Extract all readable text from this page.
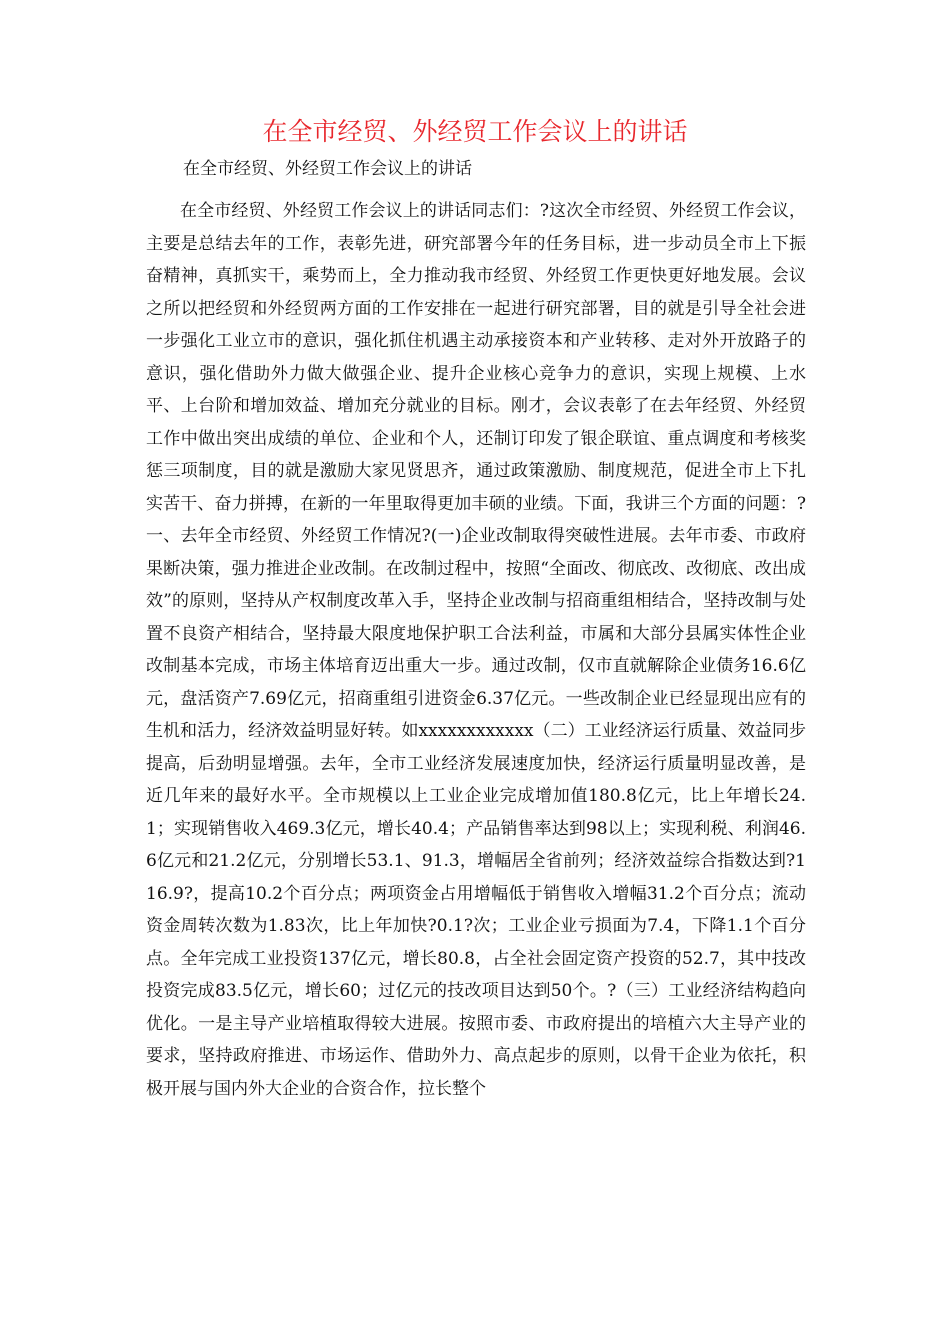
在全市经贸、外经贸工作会议上的讲话

在全市经贸、外经贸工作会议上的讲话

在全市经贸、外经贸工作会议上的讲话同志们：?这次全市经贸、外经贸工作会议，主要是总结去年的工作，表彰先进，研究部署今年的任务目标，进一步动员全市上下振奋精神，真抓实干，乘势而上，全力推动我市经贸、外经贸工作更快更好地发展。会议之所以把经贸和外经贸两方面的工作安排在一起进行研究部署，目的就是引导全社会进一步强化工业立市的意识，强化抓住机遇主动承接资本和产业转移、走对外开放路子的意识，强化借助外力做大做强企业、提升企业核心竞争力的意识，实现上规模、上水平、上台阶和增加效益、增加充分就业的目标。刚才，会议表彰了在去年经贸、外经贸工作中做出突出成绩的单位、企业和个人，还制订印发了银企联谊、重点调度和考核奖惩三项制度，目的就是激励大家见贤思齐，通过政策激励、制度规范，促进全市上下扎实苦干、奋力拼搏，在新的一年里取得更加丰硕的业绩。下面，我讲三个方面的问题：?一、去年全市经贸、外经贸工作情况?(一)企业改制取得突破性进展。去年市委、市政府果断决策，强力推进企业改制。在改制过程中，按照“全面改、彻底改、改彻底、改出成效”的原则，坚持从产权制度改革入手，坚持企业改制与招商重组相结合，坚持改制与处置不良资产相结合，坚持最大限度地保护职工合法利益，市属和大部分县属实体性企业改制基本完成，市场主体培育迈出重大一步。通过改制，仅市直就解除企业债务16.6亿元，盘活资产7.69亿元，招商重组引进资金6.37亿元。一些改制企业已经显现出应有的生机和活力，经济效益明显好转。如xxxxxxxxxxxx（二）工业经济运行质量、效益同步提高，后劲明显增强。去年，全市工业经济发展速度加快，经济运行质量明显改善，是近几年来的最好水平。全市规模以上工业企业完成增加值180.8亿元，比上年增长24.1；实现销售收入469.3亿元，增长40.4；产品销售率达到98以上；实现利税、利润46.6亿元和21.2亿元，分别增长53.1、91.3，增幅居全省前列；经济效益综合指数达到?116.9?，提高10.2个百分点；两项资金占用增幅低于销售收入增幅31.2个百分点；流动资金周转次数为1.83次，比上年加快?0.1?次；工业企业亏损面为7.4，下降1.1个百分点。全年完成工业投资137亿元，增长80.8，占全社会固定资产投资的52.7，其中技改投资完成83.5亿元，增长60；过亿元的技改项目达到50个。?（三）工业经济结构趋向优化。一是主导产业培植取得较大进展。按照市委、市政府提出的培植六大主导产业的要求，坚持政府推进、市场运作、借助外力、高点起步的原则，以骨干企业为依托，积极开展与国内外大企业的合资合作，拉长整个
